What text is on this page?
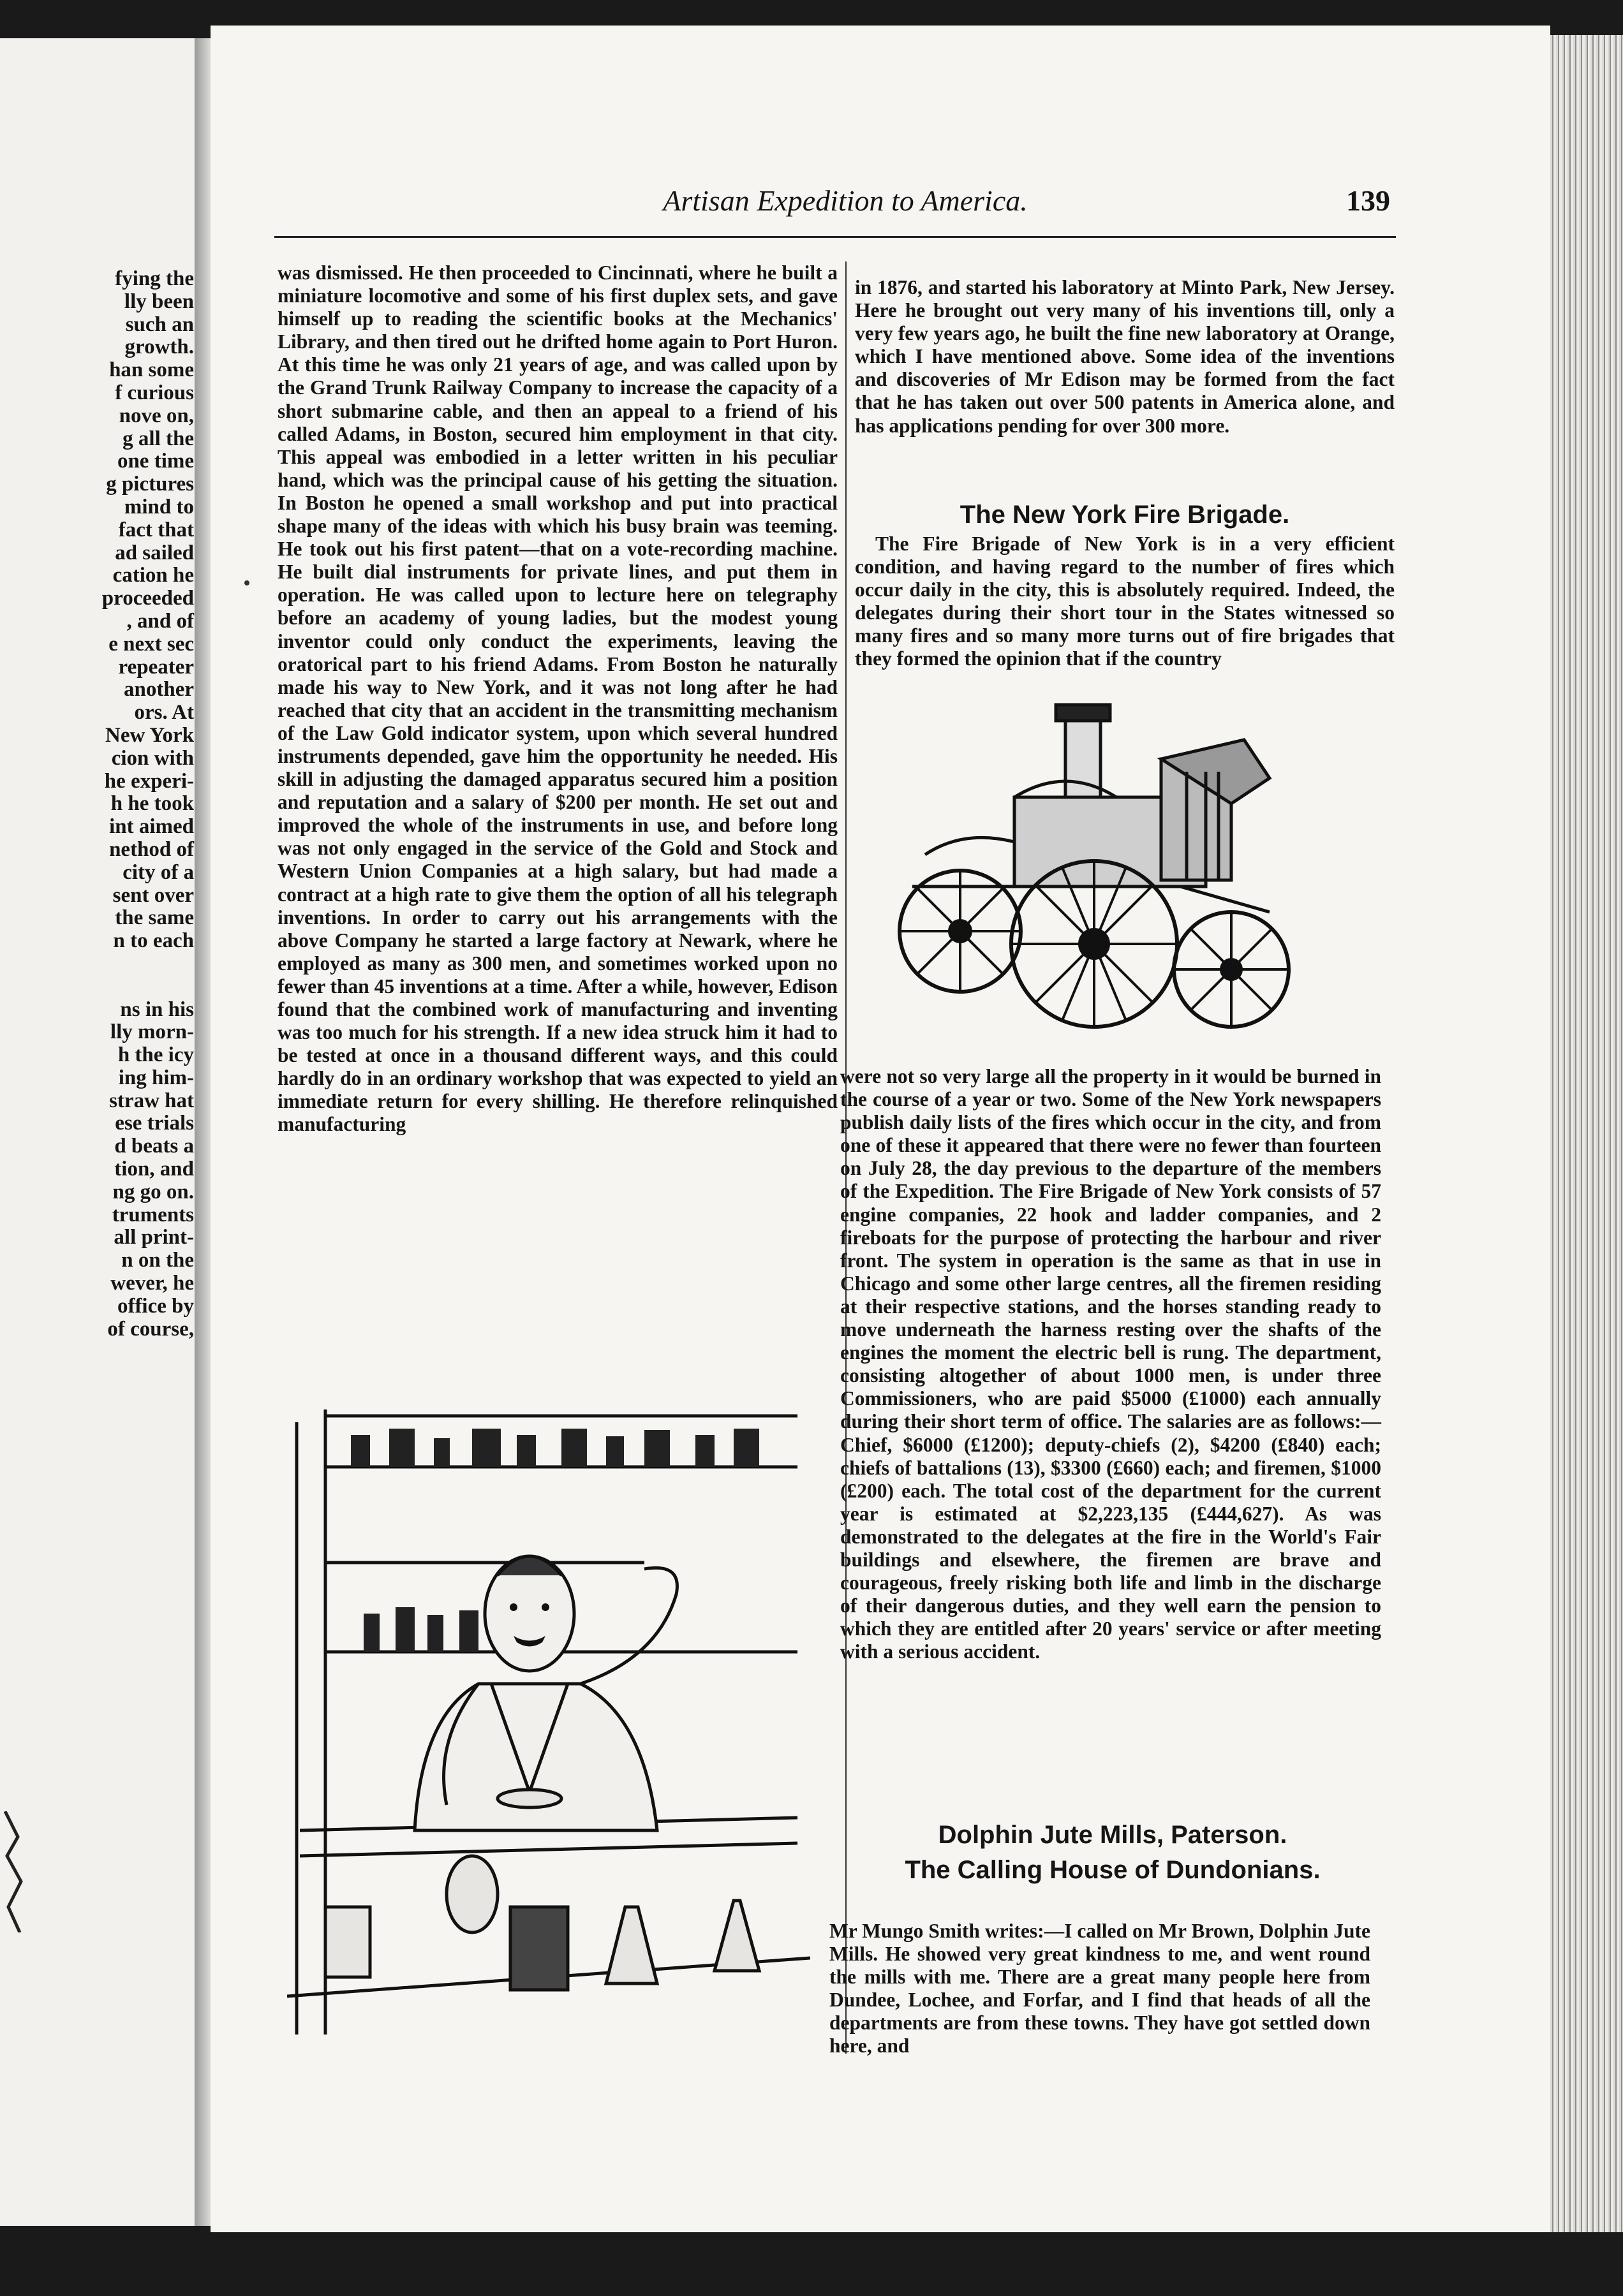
fying the
lly been
such an
growth.
han some
f curious
nove on,
g all the
one time
g pictures
mind to
fact that
ad sailed
cation he
proceeded
, and of
e next sec
repeater
another
ors. At
New York
cion with
he experi-
h he took
int aimed
nethod of
city of a
sent over
the same
n to each

ns in his
lly morn-
h the icy
ing him-
straw hat
ese trials
d beats a
tion, and
ng go on.
truments
all print-
n on the
wever, he
office by
of course,
Artisan Expedition to America.	139

was dismissed. He then proceeded to Cincinnati, where he built a miniature locomotive and some of his first duplex sets, and gave himself up to reading the scientific books at the Mechanics' Library, and then tired out he drifted home again to Port Huron. At this time he was only 21 years of age, and was called upon by the Grand Trunk Railway Company to increase the capacity of a short submarine cable, and then an appeal to a friend of his called Adams, in Boston, secured him employment in that city. This appeal was embodied in a letter written in his peculiar hand, which was the principal cause of his getting the situation. In Boston he opened a small workshop and put into practical shape many of the ideas with which his busy brain was teeming. He took out his first patent—that on a vote-recording machine. He built dial instruments for private lines, and put them in operation. He was called upon to lecture here on telegraphy before an academy of young ladies, but the modest young inventor could only conduct the experiments, leaving the oratorical part to his friend Adams. From Boston he naturally made his way to New York, and it was not long after he had reached that city that an accident in the transmitting mechanism of the Law Gold indicator system, upon which several hundred instruments depended, gave him the opportunity he needed. His skill in adjusting the damaged apparatus secured him a position and reputation and a salary of $200 per month. He set out and improved the whole of the instruments in use, and before long was not only engaged in the service of the Gold and Stock and Western Union Companies at a high salary, but had made a contract at a high rate to give them the option of all his telegraph inventions. In order to carry out his arrangements with the above Company he started a large factory at Newark, where he employed as many as 300 men, and sometimes worked upon no fewer than 45 inventions at a time. After a while, however, Edison found that the combined work of manufacturing and inventing was too much for his strength. If a new idea struck him it had to be tested at once in a thousand different ways, and this could hardly do in an ordinary workshop that was expected to yield an immediate return for every shilling. He therefore relinquished manufacturing

in 1876, and started his laboratory at Minto Park, New Jersey. Here he brought out very many of his inventions till, only a very few years ago, he built the fine new laboratory at Orange, which I have mentioned above. Some idea of the inventions and discoveries of Mr Edison may be formed from the fact that he has taken out over 500 patents in America alone, and has applications pending for over 300 more.

The New York Fire Brigade.

The Fire Brigade of New York is in a very efficient condition, and having regard to the number of fires which occur daily in the city, this is absolutely required. Indeed, the delegates during their short tour in the States witnessed so many fires and so many more turns out of fire brigades that they formed the opinion that if the country

were not so very large all the property in it would be burned in the course of a year or two. Some of the New York newspapers publish daily lists of the fires which occur in the city, and from one of these it appeared that there were no fewer than fourteen on July 28, the day previous to the departure of the members of the Expedition. The Fire Brigade of New York consists of 57 engine companies, 22 hook and ladder companies, and 2 fireboats for the purpose of protecting the harbour and river front. The system in operation is the same as that in use in Chicago and some other large centres, all the firemen residing at their respective stations, and the horses standing ready to move underneath the harness resting over the shafts of the engines the moment the electric bell is rung. The department, consisting altogether of about 1000 men, is under three Commissioners, who are paid $5000 (£1000) each annually during their short term of office. The salaries are as follows:—Chief, $6000 (£1200); deputy-chiefs (2), $4200 (£840) each; chiefs of battalions (13), $3300 (£660) each; and firemen, $1000 (£200) each. The total cost of the department for the current year is estimated at $2,223,135 (£444,627). As was demonstrated to the delegates at the fire in the World's Fair buildings and elsewhere, the firemen are brave and courageous, freely risking both life and limb in the discharge of their dangerous duties, and they well earn the pension to which they are entitled after 20 years' service or after meeting with a serious accident.

Dolphin Jute Mills, Paterson.
The Calling House of Dundonians.

Mr Mungo Smith writes:—I called on Mr Brown, Dolphin Jute Mills. He showed very great kindness to me, and went round the mills with me. There are a great many people here from Dundee, Lochee, and Forfar, and I find that heads of all the departments are from these towns. They have got settled down here, and
